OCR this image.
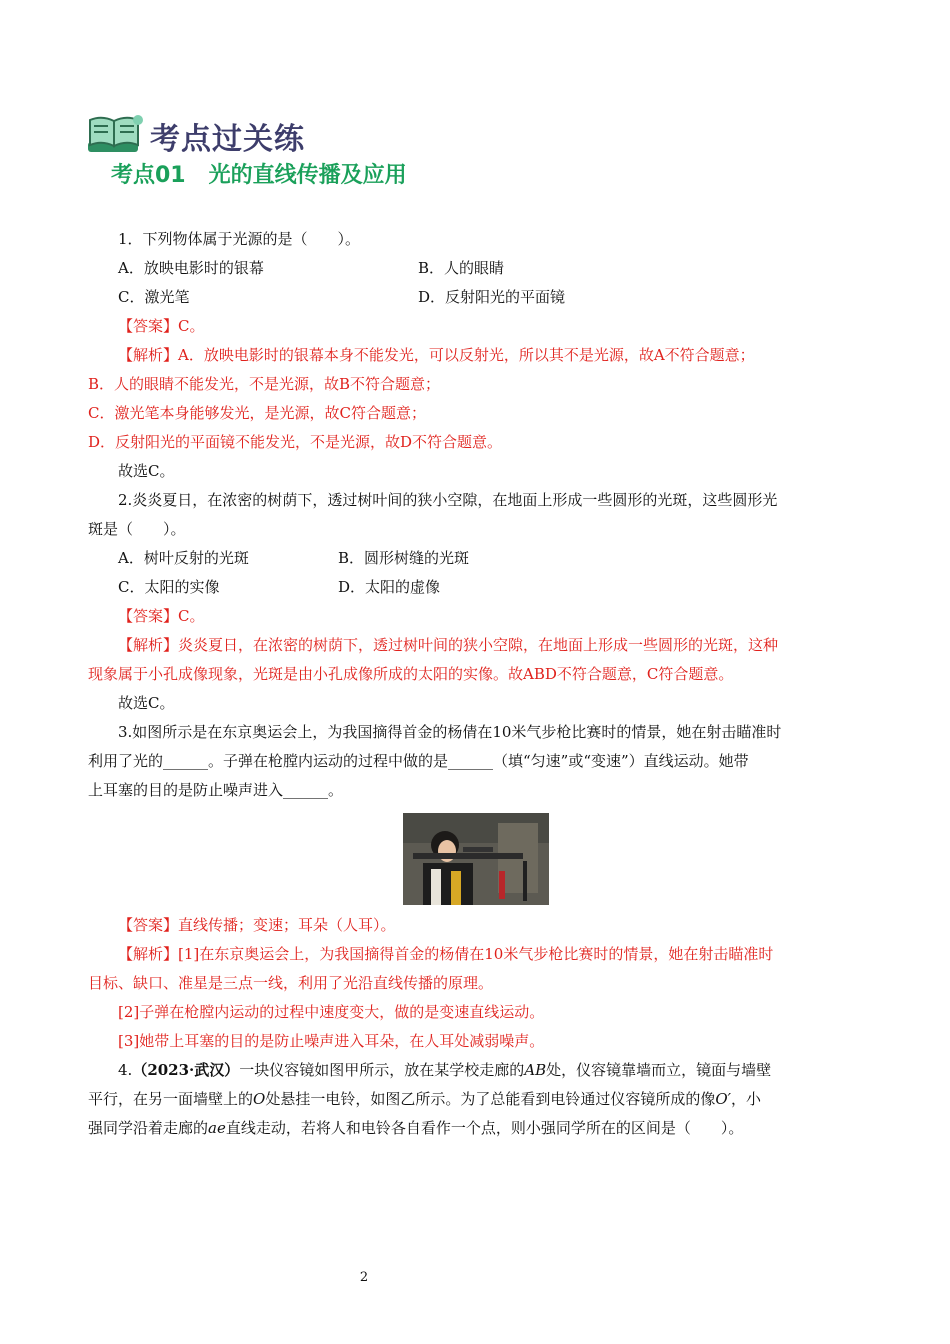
考点过关练
考点01   光的直线传播及应用
1．下列物体属于光源的是（　　）。
A．放映电影时的银幕	B．人的眼睛
C．激光笔	D．反射阳光的平面镜
【答案】C。
【解析】A．放映电影时的银幕本身不能发光，可以反射光，所以其不是光源，故A不符合题意；
B．人的眼睛不能发光，不是光源，故B不符合题意；
C．激光笔本身能够发光，是光源，故C符合题意；
D．反射阳光的平面镜不能发光，不是光源，故D不符合题意。
故选C。
2.炎炎夏日，在浓密的树荫下，透过树叶间的狭小空隙，在地面上形成一些圆形的光斑，这些圆形光
斑是（　　）。
A．树叶反射的光斑	B．圆形树缝的光斑
C．太阳的实像	D．太阳的虚像
【答案】C。
【解析】炎炎夏日，在浓密的树荫下，透过树叶间的狭小空隙，在地面上形成一些圆形的光斑，这种
现象属于小孔成像现象，光斑是由小孔成像所成的太阳的实像。故ABD不符合题意，C符合题意。
故选C。
3.如图所示是在东京奥运会上，为我国摘得首金的杨倩在10米气步枪比赛时的情景，她在射击瞄准时
利用了光的______。子弹在枪膛内运动的过程中做的是______（填“匀速”或“变速”）直线运动。她带
上耳塞的目的是防止噪声进入______。
【答案】直线传播；变速；耳朵（人耳）。
【解析】[1]在东京奥运会上，为我国摘得首金的杨倩在10米气步枪比赛时的情景，她在射击瞄准时
目标、缺口、准星是三点一线，利用了光沿直线传播的原理。
[2]子弹在枪膛内运动的过程中速度变大，做的是变速直线运动。
[3]她带上耳塞的目的是防止噪声进入耳朵，在人耳处减弱噪声。
4.（2023·武汉）一块仪容镜如图甲所示，放在某学校走廊的AB处，仪容镜靠墙而立，镜面与墙壁
平行，在另一面墙壁上的O处悬挂一电铃，如图乙所示。为了总能看到电铃通过仪容镜所成的像O′，小
强同学沿着走廊的ae直线走动，若将人和电铃各自看作一个点，则小强同学所在的区间是（　　）。
2
